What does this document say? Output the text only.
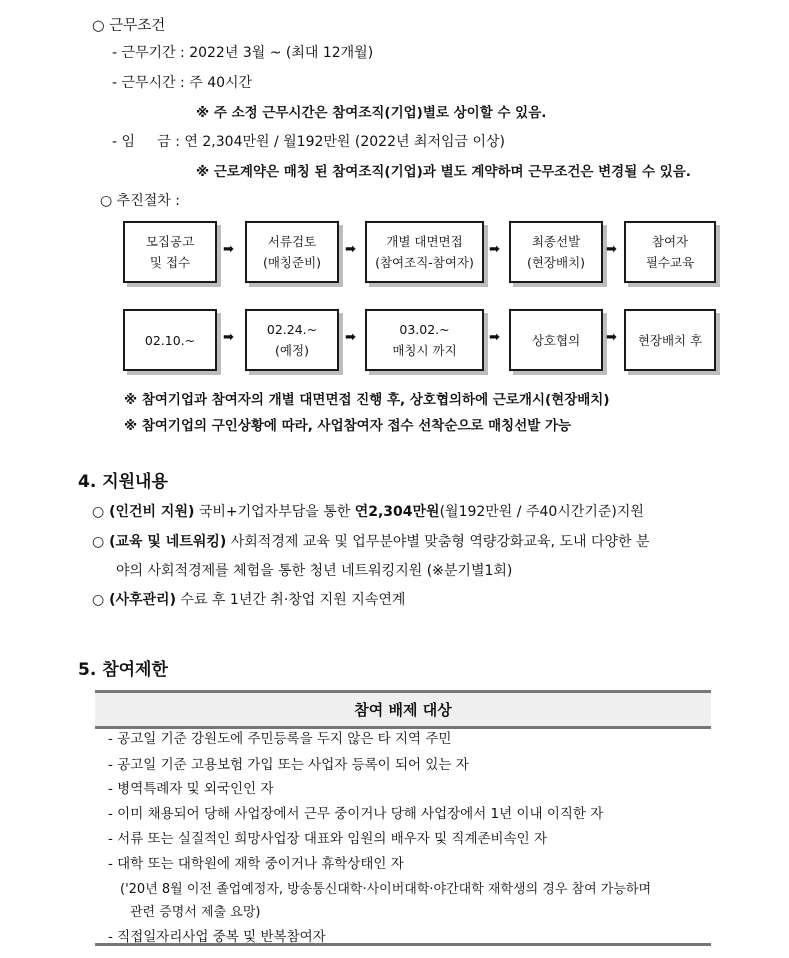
○ 근무조건
- 근무기간 : 2022년 3월 ~ (최대 12개월)
- 근무시간 : 주 40시간
※ 주 소정 근무시간은 참여조직(기업)별로 상이할 수 있음.
- 임     금 : 연 2,304만원 / 월192만원 (2022년 최저임금 이상)
※ 근로계약은 매칭 된 참여조직(기업)과 별도 계약하며 근무조건은 변경될 수 있음.
○ 추진절차 :
모집공고
및 접수
➡
서류검토
(매칭준비)
➡
개별 대면면접
(참여조직-참여자)
➡
최종선발
(현장배치)
➡
참여자
필수교육
02.10.~ ➡
02.24.~
(예정)
➡
03.02.~
매칭시 까지
➡	상호협의 ➡ 현장배치 후
※ 참여기업과 참여자의 개별 대면면접 진행 후, 상호협의하에 근로개시(현장배치)
※ 참여기업의 구인상황에 따라, 사업참여자 접수 선착순으로 매칭선발 가능
4. 지원내용
○ (인건비 지원) 국비+기업자부담을 통한 연2,304만원(월192만원 / 주40시간기준)지원
○ (교육 및 네트워킹) 사회적경제 교육 및 업무분야별 맞춤형 역량강화교육, 도내 다양한 분
야의 사회적경제를 체험을 통한 청년 네트워킹지원 (※분기별1회)
○ (사후관리) 수료 후 1년간 취·창업 지원 지속연계
5. 참여제한
참여 배제 대상
- 공고일 기준 강원도에 주민등록을 두지 않은 타 지역 주민
- 공고일 기준 고용보험 가입 또는 사업자 등록이 되어 있는 자
- 병역특례자 및 외국인인 자
- 이미 채용되어 당해 사업장에서 근무 중이거나 당해 사업장에서 1년 이내 이직한 자
- 서류 또는 실질적인 희망사업장 대표와 임원의 배우자 및 직계존비속인 자
- 대학 또는 대학원에 재학 중이거나 휴학상태인 자
('20년 8월 이전 졸업예정자, 방송통신대학·사이버대학·야간대학 재학생의 경우 참여 가능하며
관련 증명서 제출 요망)
- 직접일자리사업 중복 및 반복참여자
